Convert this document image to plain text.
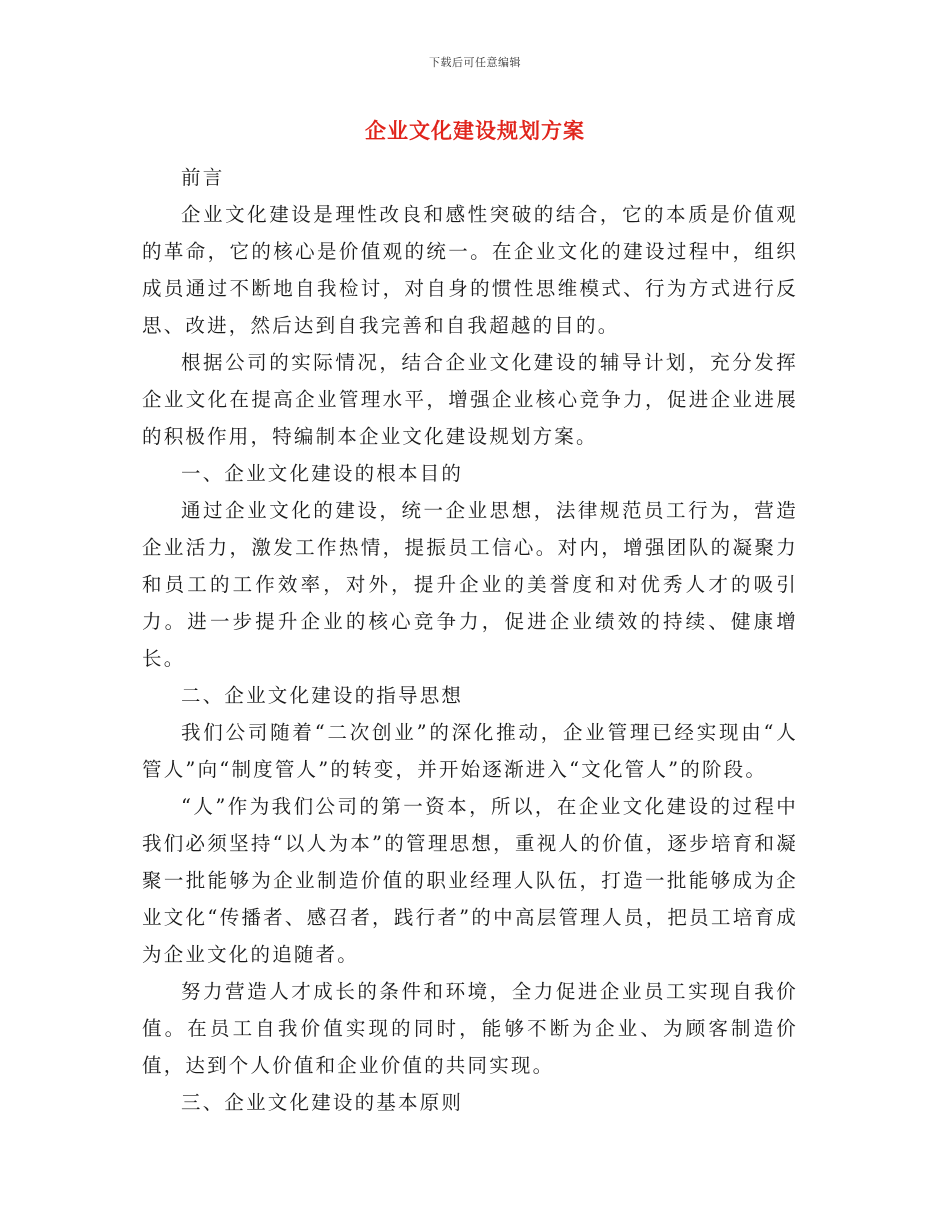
下载后可任意编辑
企业文化建设规划方案

前言

企业文化建设是理性改良和感性突破的结合，它的本质是价值观的革命，它的核心是价值观的统一。在企业文化的建设过程中，组织成员通过不断地自我检讨，对自身的惯性思维模式、行为方式进行反思、改进，然后达到自我完善和自我超越的目的。

根据公司的实际情况，结合企业文化建设的辅导计划，充分发挥企业文化在提高企业管理水平，增强企业核心竞争力，促进企业进展的积极作用，特编制本企业文化建设规划方案。

一、企业文化建设的根本目的

通过企业文化的建设，统一企业思想，法律规范员工行为，营造企业活力，激发工作热情，提振员工信心。对内，增强团队的凝聚力和员工的工作效率，对外，提升企业的美誉度和对优秀人才的吸引力。进一步提升企业的核心竞争力，促进企业绩效的持续、健康增长。

二、企业文化建设的指导思想

我们公司随着“二次创业”的深化推动，企业管理已经实现由“人管人”向“制度管人”的转变，并开始逐渐进入“文化管人”的阶段。

“人”作为我们公司的第一资本，所以，在企业文化建设的过程中我们必须坚持“以人为本”的管理思想，重视人的价值，逐步培育和凝聚一批能够为企业制造价值的职业经理人队伍，打造一批能够成为企业文化“传播者、感召者，践行者”的中高层管理人员，把员工培育成为企业文化的追随者。

努力营造人才成长的条件和环境，全力促进企业员工实现自我价值。在员工自我价值实现的同时，能够不断为企业、为顾客制造价值，达到个人价值和企业价值的共同实现。

三、企业文化建设的基本原则
